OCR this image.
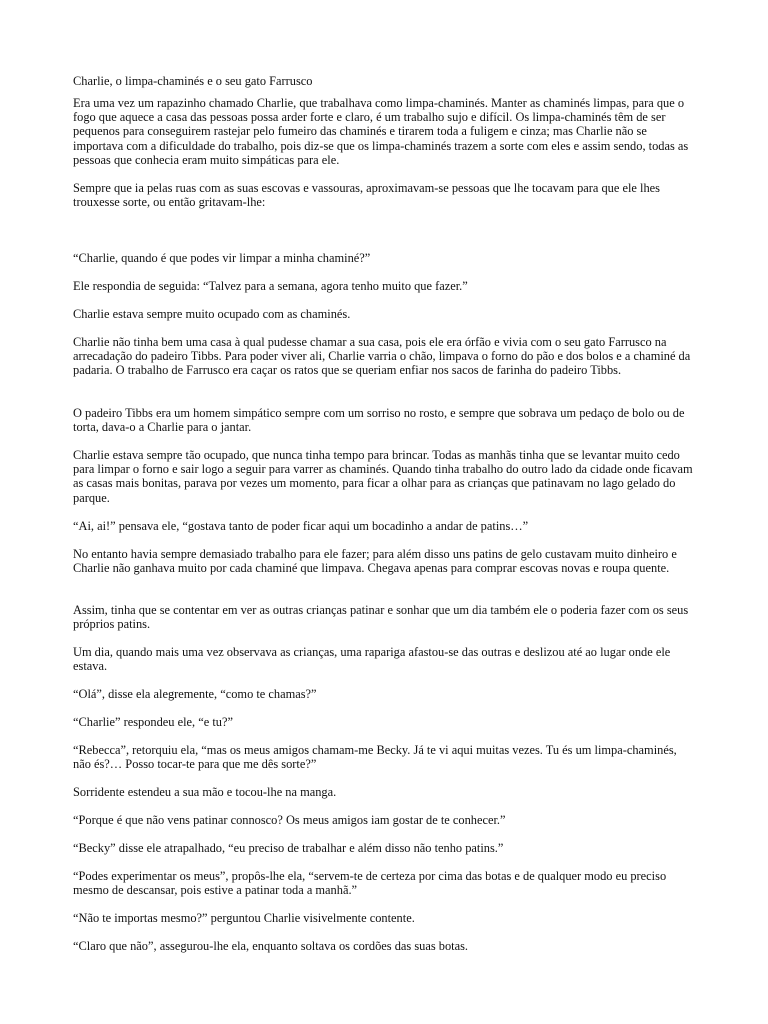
Charlie, o limpa-chaminés e o seu gato Farrusco

Era uma vez um rapazinho chamado Charlie, que trabalhava como limpa-chaminés. Manter as chaminés limpas, para que o fogo que aquece a casa das pessoas possa arder forte e claro, é um trabalho sujo e difícil. Os limpa-chaminés têm de ser pequenos para conseguirem rastejar pelo fumeiro das chaminés e tirarem toda a fuligem e cinza; mas Charlie não se importava com a dificuldade do trabalho, pois diz-se que os limpa-chaminés trazem a sorte com eles e assim sendo, todas as pessoas que conhecia eram muito simpáticas para ele.

Sempre que ia pelas ruas com as suas escovas e vassouras, aproximavam-se pessoas que lhe tocavam para que ele lhes trouxesse sorte, ou então gritavam-lhe:

“Charlie, quando é que podes vir limpar a minha chaminé?”

Ele respondia de seguida: “Talvez para a semana, agora tenho muito que fazer.”

Charlie estava sempre muito ocupado com as chaminés.

Charlie não tinha bem uma casa à qual pudesse chamar a sua casa, pois ele era órfão e vivia com o seu gato Farrusco na arrecadação do padeiro Tibbs. Para poder viver ali, Charlie varria o chão, limpava o forno do pão e dos bolos e a chaminé da padaria. O trabalho de Farrusco era caçar os ratos que se queriam enfiar nos sacos de farinha do padeiro Tibbs.

O padeiro Tibbs era um homem simpático sempre com um sorriso no rosto, e sempre que sobrava um pedaço de bolo ou de torta, dava-o a Charlie para o jantar.

Charlie estava sempre tão ocupado, que nunca tinha tempo para brincar. Todas as manhãs tinha que se levantar muito cedo para limpar o forno e sair logo a seguir para varrer as chaminés. Quando tinha trabalho do outro lado da cidade onde ficavam as casas mais bonitas, parava por vezes um momento, para ficar a olhar para as crianças que patinavam no lago gelado do parque.

“Ai, ai!” pensava ele, “gostava tanto de poder ficar aqui um bocadinho a andar de patins…”

No entanto havia sempre demasiado trabalho para ele fazer; para além disso uns patins de gelo custavam muito dinheiro e Charlie não ganhava muito por cada chaminé que limpava. Chegava apenas para comprar escovas novas e roupa quente.

Assim, tinha que se contentar em ver as outras crianças patinar e sonhar que um dia também ele o poderia fazer com os seus próprios patins.

Um dia, quando mais uma vez observava as crianças, uma rapariga afastou-se das outras e deslizou até ao lugar onde ele estava.

“Olá”, disse ela alegremente, “como te chamas?”

“Charlie” respondeu ele, “e tu?”

“Rebecca”, retorquiu ela, “mas os meus amigos chamam-me Becky. Já te vi aqui muitas vezes. Tu és um limpa-chaminés, não és?… Posso tocar-te para que me dês sorte?”

Sorridente estendeu a sua mão e tocou-lhe na manga.

“Porque é que não vens patinar connosco? Os meus amigos iam gostar de te conhecer.”

“Becky” disse ele atrapalhado, “eu preciso de trabalhar e além disso não tenho patins.”

“Podes experimentar os meus”, propôs-lhe ela, “servem-te de certeza por cima das botas e de qualquer modo eu preciso mesmo de descansar, pois estive a patinar toda a manhã.”

“Não te importas mesmo?” perguntou Charlie visivelmente contente.

“Claro que não”, assegurou-lhe ela, enquanto soltava os cordões das suas botas.
